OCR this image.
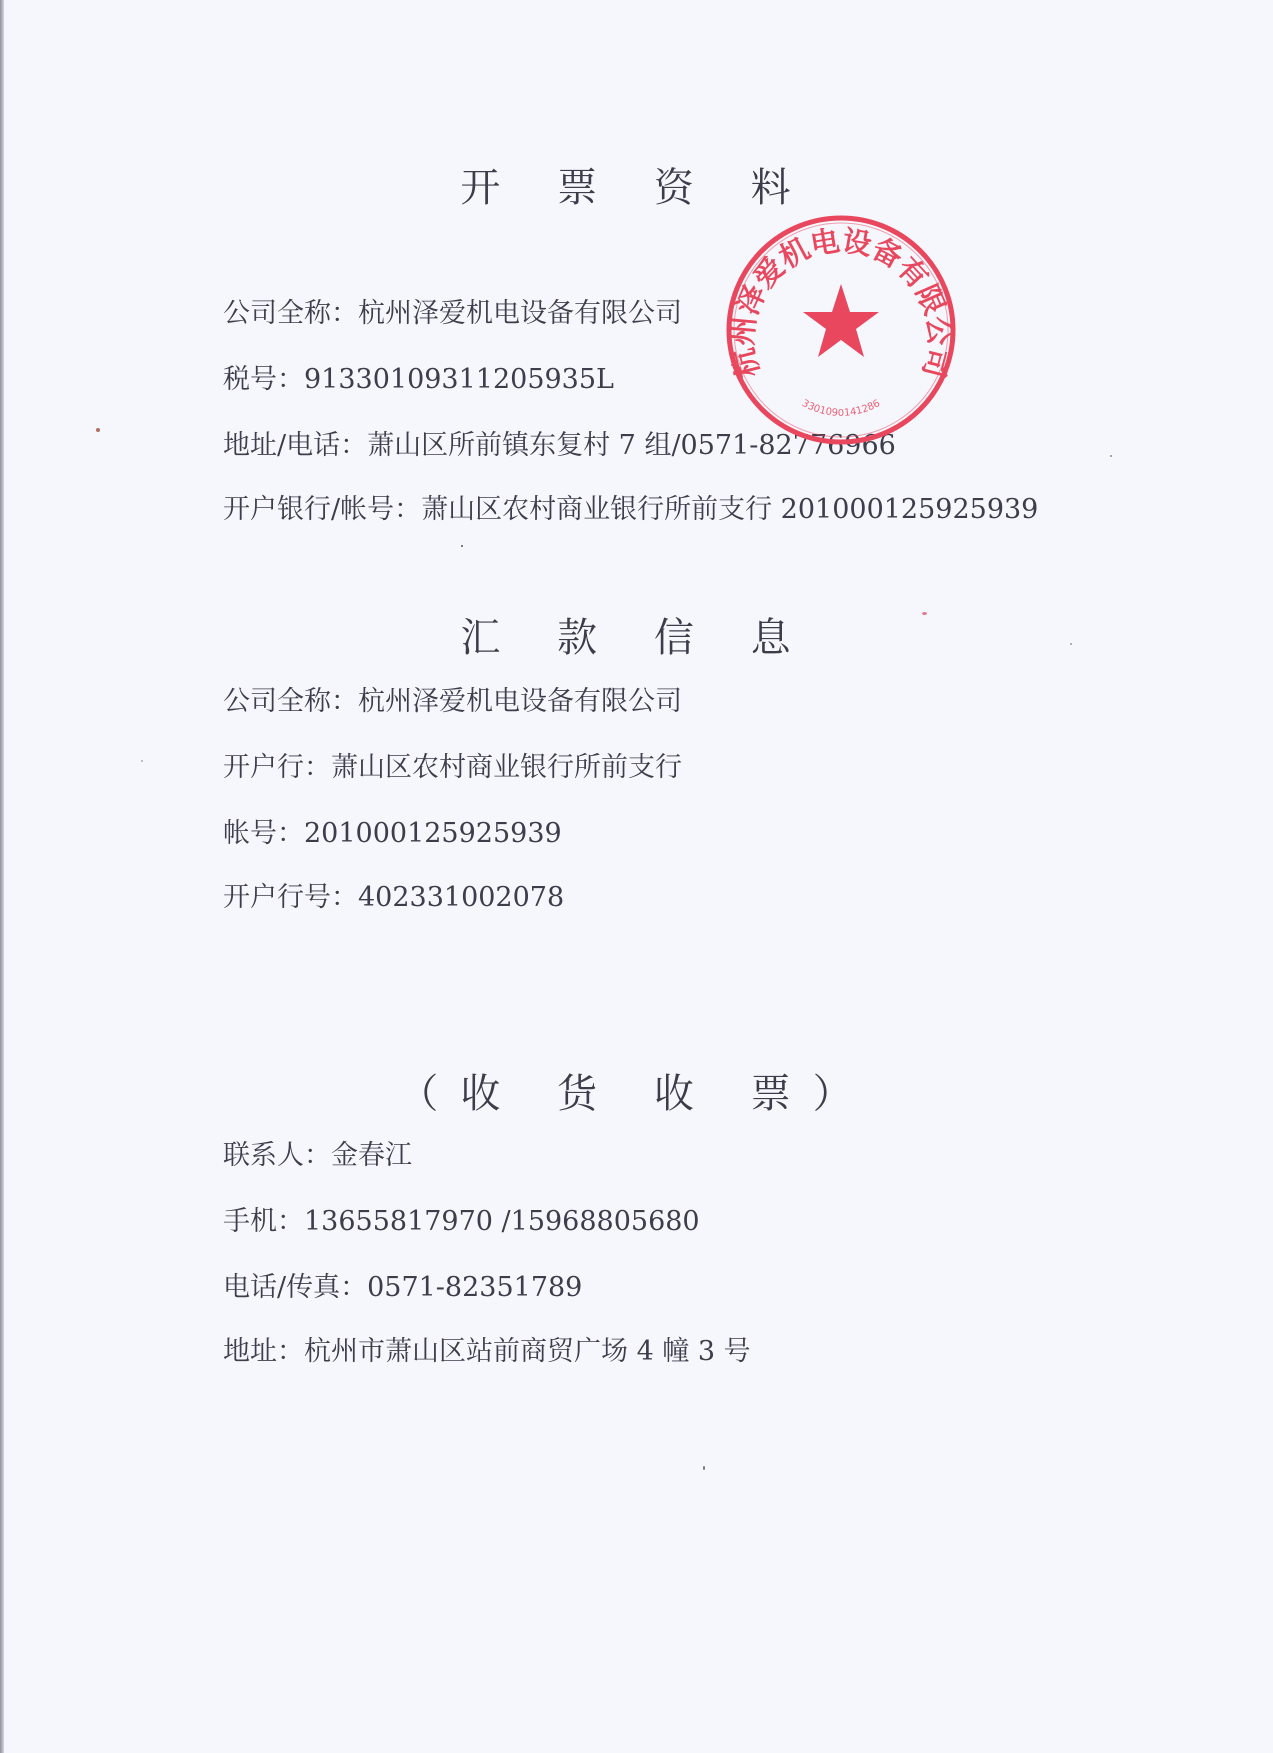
开 票 资 料
公司全称：杭州泽爱机电设备有限公司
税号：91330109311205935L
地址/电话：萧山区所前镇东复村 7 组/0571-82776966
开户银行/帐号：萧山区农村商业银行所前支行 201000125925939
汇 款 信 息
公司全称：杭州泽爱机电设备有限公司
开户行：萧山区农村商业银行所前支行
帐号：201000125925939
开户行号：402331002078
（收 货 收 票）
联系人：金春江
手机：13655817970 /15968805680
电话/传真：0571-82351789
地址：杭州市萧山区站前商贸广场 4 幢 3 号
杭州泽爱机电设备有限公司
3301090141286
